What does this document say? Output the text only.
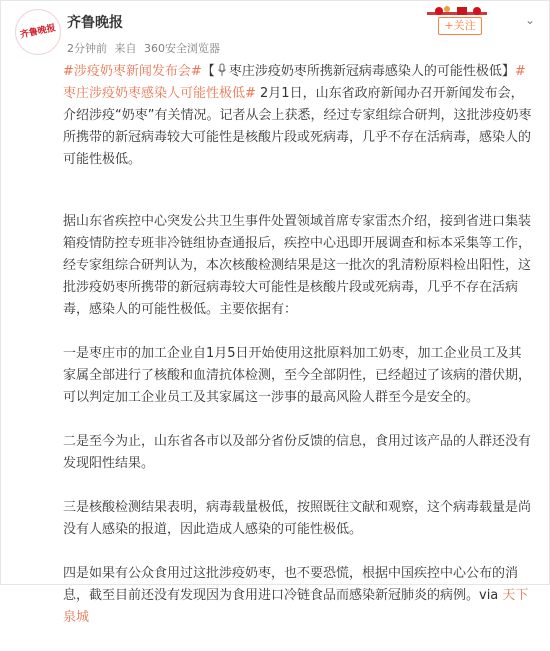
齐鲁晚报
齐鲁晚报
2分钟前 来自 360安全浏览器
+关注	⌄
#涉疫奶枣新闻发布会#【 枣庄涉疫奶枣所携新冠病毒感染人的可能性极低】#枣庄涉疫奶枣感染人可能性极低# 2月1日，山东省政府新闻办召开新闻发布会，介绍涉疫“奶枣”有关情况。记者从会上获悉，经过专家组综合研判，这批涉疫奶枣所携带的新冠病毒较大可能性是核酸片段或死病毒，几乎不存在活病毒，感染人的可能性极低。
据山东省疾控中心突发公共卫生事件处置领域首席专家雷杰介绍，接到省进口集装箱疫情防控专班非冷链组协查通报后，疾控中心迅即开展调查和标本采集等工作，经专家组综合研判认为，本次核酸检测结果是这一批次的乳清粉原料检出阳性，这批涉疫奶枣所携带的新冠病毒较大可能性是核酸片段或死病毒，几乎不存在活病毒，感染人的可能性极低。主要依据有：
一是枣庄市的加工企业自1月5日开始使用这批原料加工奶枣，加工企业员工及其家属全部进行了核酸和血清抗体检测，至今全部阴性，已经超过了该病的潜伏期，可以判定加工企业员工及其家属这一涉事的最高风险人群至今是安全的。
二是至今为止，山东省各市以及部分省份反馈的信息，食用过该产品的人群还没有发现阳性结果。
三是核酸检测结果表明，病毒载量极低，按照既往文献和观察，这个病毒载量是尚没有人感染的报道，因此造成人感染的可能性极低。
四是如果有公众食用过这批涉疫奶枣，也不要恐慌，根据中国疾控中心公布的消息，截至目前还没有发现因为食用进口冷链食品而感染新冠肺炎的病例。via 天下泉城
